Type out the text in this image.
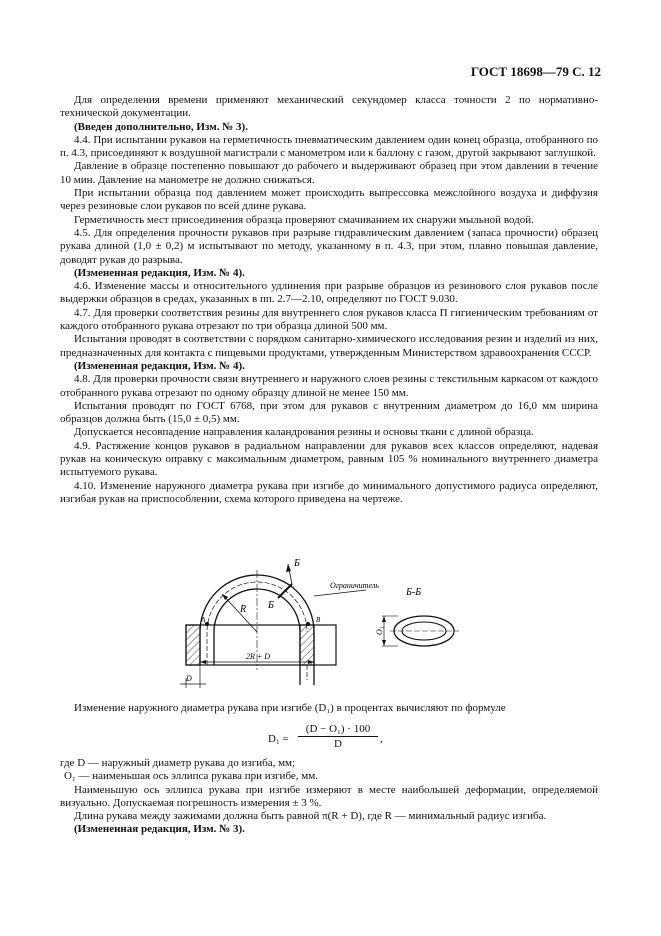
ГОСТ 18698—79 С. 12

Для определения времени применяют механический секундомер класса точности 2 по нормативно-технической документации.

(Введен дополнительно, Изм. № 3).

4.4. При испытании рукавов на герметичность пневматическим давлением один конец образца, отобранного по п. 4.3, присоединяют к воздушной магистрали с манометром или к баллону с газом, другой закрывают заглушкой.

Давление в образце постепенно повышают до рабочего и выдерживают образец при этом давлении в течение 10 мин. Давление на манометре не должно снижаться.

При испытании образца под давлением может происходить выпрессовка межслойного воздуха и диффузия через резиновые слои рукавов по всей длине рукава.

Герметичность мест присоединения образца проверяют смачиванием их снаружи мыльной водой.

4.5. Для определения прочности рукавов при разрыве гидравлическим давлением (запаса прочности) образец рукава длиной (1,0 ± 0,2) м испытывают по методу, указанному в п. 4.3, при этом, плавно повышая давление, доводят рукав до разрыва.

(Измененная редакция, Изм. № 4).

4.6. Изменение массы и относительного удлинения при разрыве образцов из резинового слоя рукавов после выдержки образцов в средах, указанных в пп. 2.7—2.10, определяют по ГОСТ 9.030.

4.7. Для проверки соответствия резины для внутреннего слоя рукавов класса П гигиеническим требованиям от каждого отобранного рукава отрезают по три образца длиной 500 мм.

Испытания проводят в соответствии с порядком санитарно-химического исследования резин и изделий из них, предназначенных для контакта с пищевыми продуктами, утвержденным Министерством здравоохранения СССР.

(Измененная редакция, Изм. № 4).

4.8. Для проверки прочности связи внутреннего и наружного слоев резины с текстильным каркасом от каждого отобранного рукава отрезают по одному образцу длиной не менее 150 мм.

Испытания проводят по ГОСТ 6768, при этом для рукавов с внутренним диаметром до 16,0 мм ширина образцов должна быть (15,0 ± 0,5) мм.

Допускается несовпадение направления каландрования резины и основы ткани с длиной образца.

4.9. Растяжение концов рукавов в радиальном направлении для рукавов всех классов определяют, надевая рукав на коническую оправку с максимальным диаметром, равным 105 % номинального внутреннего диаметра испытуемого рукава.

4.10. Изменение наружного диаметра рукава при изгибе до минимального допустимого радиуса определяют, изгибая рукав на приспособлении, схема которого приведена на чертеже.

Б
Б
Ограничитель
R
А	В
2R + D
D
Б-Б
О₁
Изменение наружного диаметра рукава при изгибе (D₁) в процентах вычисляют по формуле
D₁ =
(D − О₁) · 100
D	,

где D — наружный диаметр рукава до изгиба, мм;

О₁ — наименьшая ось эллипса рукава при изгибе, мм.

Наименьшую ось эллипса рукава при изгибе измеряют в месте наибольшей деформации, определяемой визуально. Допускаемая погрешность измерения ± 3 %.

Длина рукава между зажимами должна быть равной π(R + D), где R — минимальный радиус изгиба.

(Измененная редакция, Изм. № 3).
